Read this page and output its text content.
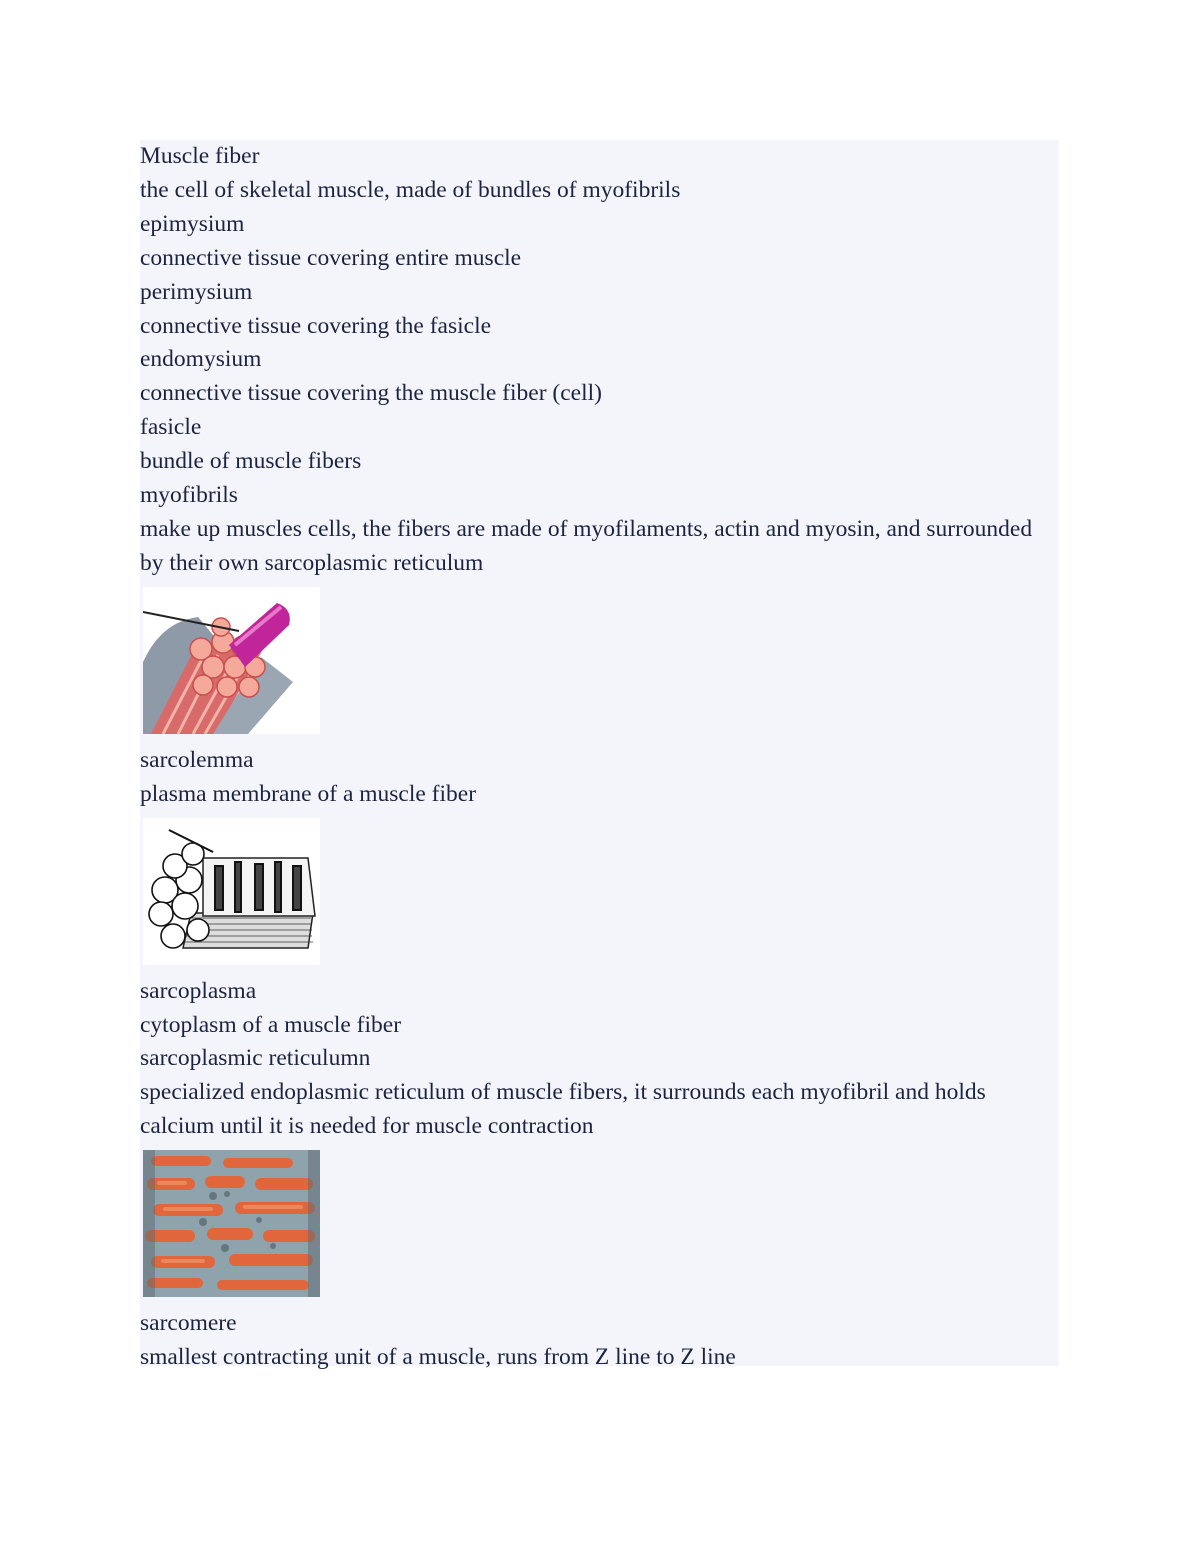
Muscle fiber

the cell of skeletal muscle, made of bundles of myofibrils

epimysium

connective tissue covering entire muscle

perimysium

connective tissue covering the fasicle

endomysium

connective tissue covering the muscle fiber (cell)

fasicle

bundle of muscle fibers

myofibrils

make up muscles cells, the fibers are made of myofilaments, actin and myosin, and surrounded by their own sarcoplasmic reticulum

sarcolemma

plasma membrane of a muscle fiber

sarcoplasma

cytoplasm of a muscle fiber

sarcoplasmic reticulumn

specialized endoplasmic reticulum of muscle fibers, it surrounds each myofibril and holds calcium until it is needed for muscle contraction

sarcomere

smallest contracting unit of a muscle, runs from Z line to Z line
